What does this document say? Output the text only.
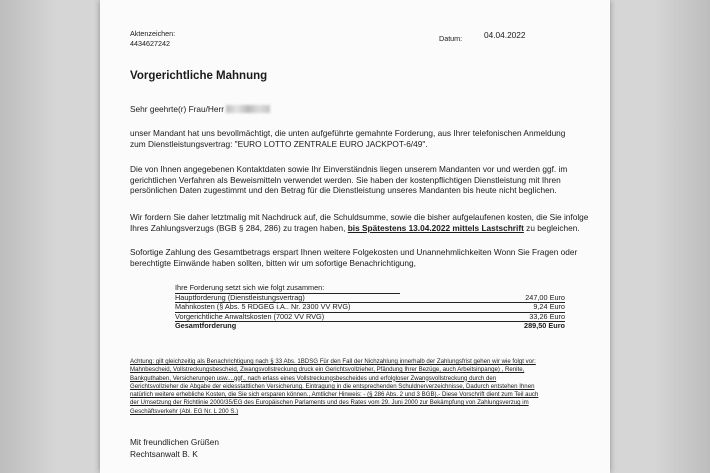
Aktenzeichen:

4434627242

Datum:	04.04.2022

Vorgerichtliche Mahnung

Sehr geehrte(r) Frau/Herr

unser Mandant hat uns bevollmächtigt, die unten aufgeführte gemahnte Forderung, aus Ihrer telefonischen Anmeldung
zum Dienstleistungsvertrag: "EURO LOTTO ZENTRALE EURO JACKPOT-6/49".
Die von Ihnen angegebenen Kontaktdaten sowie Ihr Einverständnis liegen unserem Mandanten vor und werden ggf. im
gerichtlichen Verfahren als Beweismitteln verwendet werden. Sie haben der kostenpflichtigen Dienstleistung mit Ihren
persönlichen Daten zugestimmt und den Betrag für die Dienstleistung unseres Mandanten bis heute nicht beglichen.
Wir fordern Sie daher letztmalig mit Nachdruck auf, die Schuldsumme, sowie die bisher aufgelaufenen kosten, die Sie infolge
Ihres Zahlungsverzugs (BGB § 284, 286) zu tragen haben, bis Spätestens 13.04.2022 mittels Lastschrift zu begleichen.
Sofortige Zahlung des Gesamtbetrags erspart Ihnen weitere Folgekosten und Unannehmlichkeiten Wonn Sie Fragen oder
berechtigte Einwände haben sollten, bitten wir um sofortige Benachrichtigung,
Ihre Forderung setzt sich wie folgt zusammen:
Hauptforderung (Dienstleistungsvertrag)	247,00 Euro
Mahnkosten (§ Abs. 5 RDGEG i.A.. Nr. 2300 VV RVG)	9,24 Euro
Vorgerichtliche Anwaltskosten (7002 VV RVG)	33,26 Euro
Gesamtforderung	289,50 Euro
Achtung: gilt gleichzeitig als Benachrichtigung nach § 33 Abs. 1BDSG Für den Fall der Nichzahlung innerhalb der Zahlungsfrist gehen wir wie folgt vor:
Mahnbescheid, Vollstreckungsbescheid, Zwangsvollstreckung druck ein Gerichtsvollzieher, Pfändung Ihrer Bezüge, auch Arbeitsinpange) , Renite,
Bankguthaben, Versicherungen usw....ggf., nach erlass eines Vollstreckungsbescheides und erfolgloser Zwangsvollstreckung durch den
Gerichtsvollzieher die Abgabe der eidesstattlichen Versicherung. Eintragung in die entsprechenden Schuldnerverzeichnisse, Dadurch entstehen Ihnen
natürlich weitere erhebliche Kosten, die Sie sich ersparen können., Amtlicher Hinweis: - (§ 286 Abs. 2 und 3 BGB).- Diese Vorschrift dient zum Teil auch
der Umsetzung der Richtlinie 2000/35/EG des Europäischen Parlaments und des Rates vom 29. Juni 2000 zur Bekämpfung von Zahlungsverzug im
Geschäftsverkehr (Abl. EG Nr. L 200 S.)

Mit freundlichen Grüßen

Rechtsanwalt B. K
